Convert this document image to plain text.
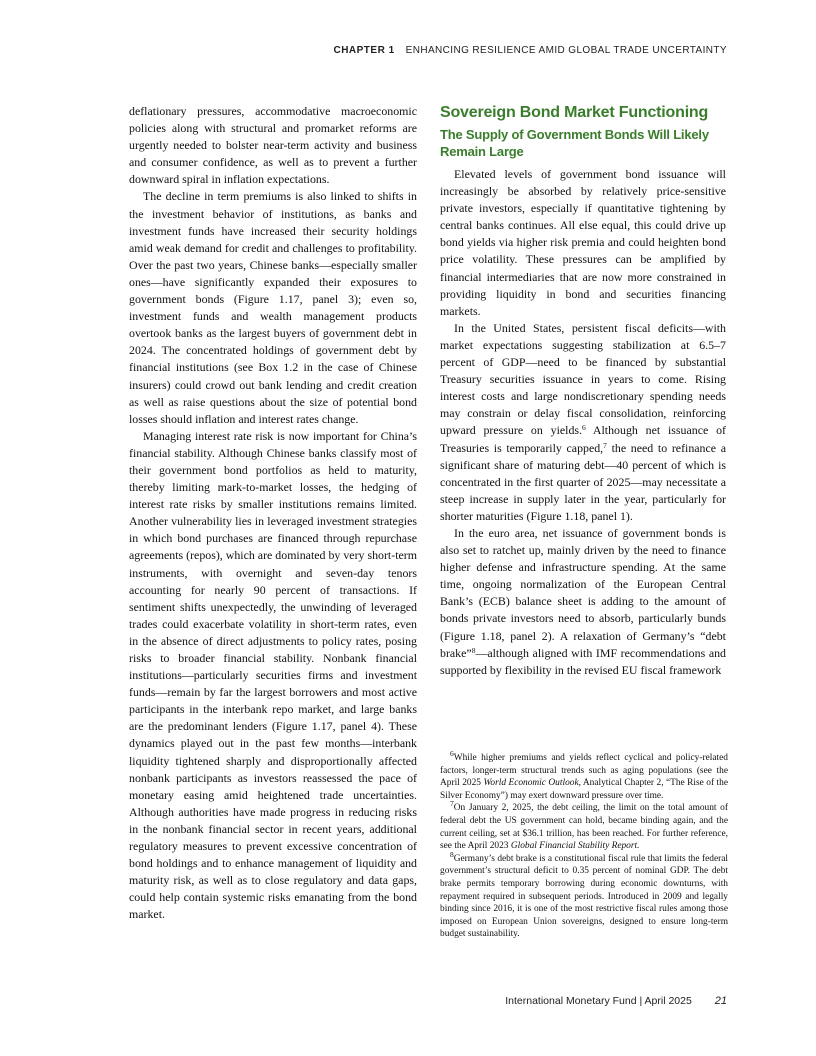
CHAPTER 1 ENHANCING RESILIENCE AMID GLOBAL TRADE UNCERTAINTY

deflationary pressures, accommodative macroeconomic policies along with structural and promarket reforms are urgently needed to bolster near-term activity and business and consumer confidence, as well as to prevent a further downward spiral in inflation expectations.

The decline in term premiums is also linked to shifts in the investment behavior of institutions, as banks and investment funds have increased their security holdings amid weak demand for credit and challenges to profitability. Over the past two years, Chinese banks—especially smaller ones—have significantly expanded their exposures to government bonds (Figure 1.17, panel 3); even so, investment funds and wealth management products overtook banks as the largest buyers of government debt in 2024. The concentrated holdings of government debt by financial institutions (see Box 1.2 in the case of Chinese insurers) could crowd out bank lending and credit creation as well as raise questions about the size of potential bond losses should inflation and interest rates change.

Managing interest rate risk is now important for China’s financial stability. Although Chinese banks classify most of their government bond portfolios as held to maturity, thereby limiting mark-to-market losses, the hedging of interest rate risks by smaller institutions remains limited. Another vulnerability lies in leveraged investment strategies in which bond purchases are financed through repurchase agreements (repos), which are dominated by very short-term instruments, with overnight and seven-day tenors accounting for nearly 90 percent of transactions. If sentiment shifts unexpectedly, the unwinding of leveraged trades could exacerbate volatility in short-term rates, even in the absence of direct adjustments to policy rates, posing risks to broader financial stability. Nonbank financial institutions—particularly securities firms and investment funds—remain by far the largest borrowers and most active participants in the interbank repo market, and large banks are the predominant lenders (Figure 1.17, panel 4). These dynamics played out in the past few months—interbank liquidity tightened sharply and disproportionally affected nonbank participants as investors reassessed the pace of monetary easing amid heightened trade uncertainties. Although authorities have made progress in reducing risks in the nonbank financial sector in recent years, additional regulatory measures to prevent excessive concentration of bond holdings and to enhance management of liquidity and maturity risk, as well as to close regulatory and data gaps, could help contain systemic risks emanating from the bond market.

Sovereign Bond Market Functioning
The Supply of Government Bonds Will Likely Remain Large

Elevated levels of government bond issuance will increasingly be absorbed by relatively price-sensitive private investors, especially if quantitative tightening by central banks continues. All else equal, this could drive up bond yields via higher risk premia and could heighten bond price volatility. These pressures can be amplified by financial intermediaries that are now more constrained in providing liquidity in bond and securities financing markets.

In the United States, persistent fiscal deficits—with market expectations suggesting stabilization at 6.5–7 percent of GDP—need to be financed by substantial Treasury securities issuance in years to come. Rising interest costs and large nondiscretionary spending needs may constrain or delay fiscal consolidation, reinforcing upward pressure on yields.$^6$ Although net issuance of Treasuries is temporarily capped,$^7$ the need to refinance a significant share of maturing debt—40 percent of which is concentrated in the first quarter of 2025—may necessitate a steep increase in supply later in the year, particularly for shorter maturities (Figure 1.18, panel 1).

In the euro area, net issuance of government bonds is also set to ratchet up, mainly driven by the need to finance higher defense and infrastructure spending. At the same time, ongoing normalization of the European Central Bank’s (ECB) balance sheet is adding to the amount of bonds private investors need to absorb, particularly bunds (Figure 1.18, panel 2). A relaxation of Germany’s “debt brake”$^8$—although aligned with IMF recommendations and supported by flexibility in the revised EU fiscal framework

$^6$While higher premiums and yields reflect cyclical and policy-related factors, longer-term structural trends such as aging populations (see the April 2025 World Economic Outlook, Analytical Chapter 2, “The Rise of the Silver Economy”) may exert downward pressure over time.

$^7$On January 2, 2025, the debt ceiling, the limit on the total amount of federal debt the US government can hold, became binding again, and the current ceiling, set at $36.1 trillion, has been reached. For further reference, see the April 2023 Global Financial Stability Report.

$^8$Germany’s debt brake is a constitutional fiscal rule that limits the federal government’s structural deficit to 0.35 percent of nominal GDP. The debt brake permits temporary borrowing during economic downturns, with repayment required in subsequent periods. Introduced in 2009 and legally binding since 2016, it is one of the most restrictive fiscal rules among those imposed on European Union sovereigns, designed to ensure long-term budget sustainability.

International Monetary Fund | April 2025 21
